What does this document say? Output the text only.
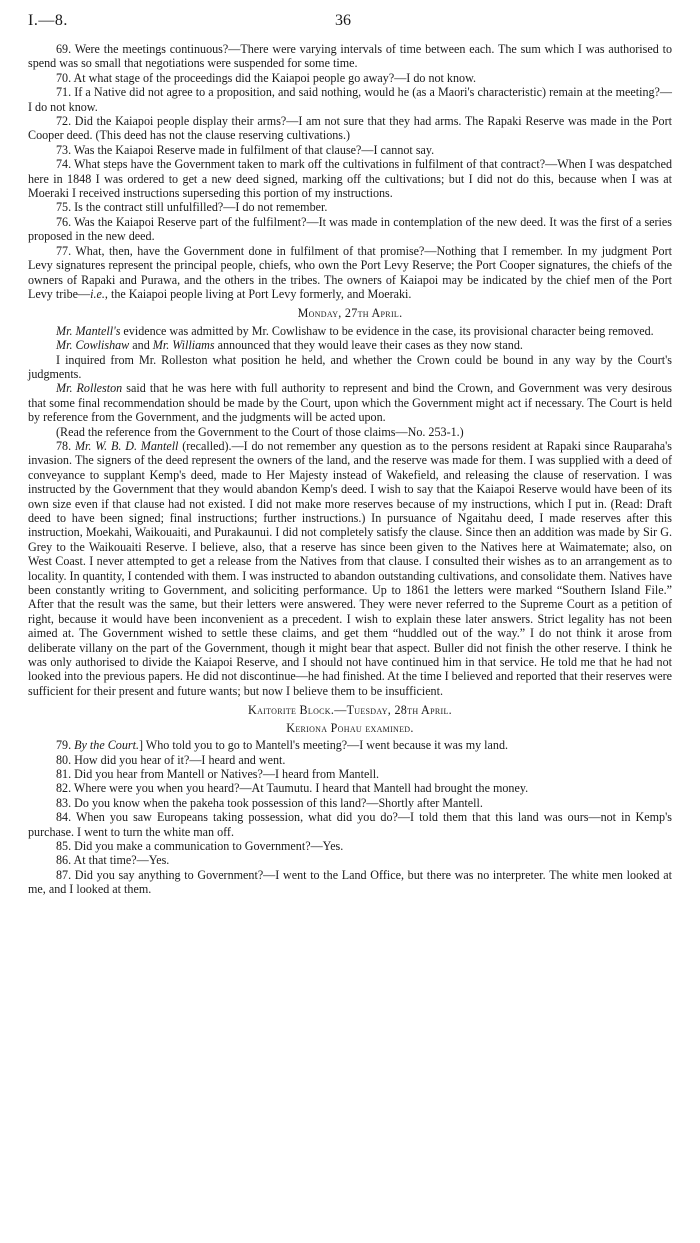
I.—8.	36

69. Were the meetings continuous?—There were varying intervals of time between each. The sum which I was authorised to spend was so small that negotiations were suspended for some time.

70. At what stage of the proceedings did the Kaiapoi people go away?—I do not know.

71. If a Native did not agree to a proposition, and said nothing, would he (as a Maori's characteristic) remain at the meeting?—I do not know.

72. Did the Kaiapoi people display their arms?—I am not sure that they had arms. The Rapaki Reserve was made in the Port Cooper deed. (This deed has not the clause reserving cultivations.)

73. Was the Kaiapoi Reserve made in fulfilment of that clause?—I cannot say.

74. What steps have the Government taken to mark off the cultivations in fulfilment of that contract?—When I was despatched here in 1848 I was ordered to get a new deed signed, marking off the cultivations; but I did not do this, because when I was at Moeraki I received instructions superseding this portion of my instructions.

75. Is the contract still unfulfilled?—I do not remember.

76. Was the Kaiapoi Reserve part of the fulfilment?—It was made in contemplation of the new deed. It was the first of a series proposed in the new deed.

77. What, then, have the Government done in fulfilment of that promise?—Nothing that I remember. In my judgment Port Levy signatures represent the principal people, chiefs, who own the Port Levy Reserve; the Port Cooper signatures, the chiefs of the owners of Rapaki and Purawa, and the others in the tribes. The owners of Kaiapoi may be indicated by the chief men of the Port Levy tribe—i.e., the Kaiapoi people living at Port Levy formerly, and Moeraki.

Monday, 27th April.

Mr. Mantell's evidence was admitted by Mr. Cowlishaw to be evidence in the case, its provisional character being removed.

Mr. Cowlishaw and Mr. Williams announced that they would leave their cases as they now stand.

I inquired from Mr. Rolleston what position he held, and whether the Crown could be bound in any way by the Court's judgments.

Mr. Rolleston said that he was here with full authority to represent and bind the Crown, and Government was very desirous that some final recommendation should be made by the Court, upon which the Government might act if necessary. The Court is held by reference from the Government, and the judgments will be acted upon.

(Read the reference from the Government to the Court of those claims—No. 253-1.)

78. Mr. W. B. D. Mantell (recalled).—I do not remember any question as to the persons resident at Rapaki since Rauparaha's invasion. The signers of the deed represent the owners of the land, and the reserve was made for them. I was supplied with a deed of conveyance to supplant Kemp's deed, made to Her Majesty instead of Wakefield, and releasing the clause of reservation. I was instructed by the Government that they would abandon Kemp's deed. I wish to say that the Kaiapoi Reserve would have been of its own size even if that clause had not existed. I did not make more reserves because of my instructions, which I put in. (Read: Draft deed to have been signed; final instructions; further instructions.) In pursuance of Ngaitahu deed, I made reserves after this instruction, Moekahi, Waikouaiti, and Purakaunui. I did not completely satisfy the clause. Since then an addition was made by Sir G. Grey to the Waikouaiti Reserve. I believe, also, that a reserve has since been given to the Natives here at Waimatemate; also, on West Coast. I never attempted to get a release from the Natives from that clause. I consulted their wishes as to an arrangement as to locality. In quantity, I contended with them. I was instructed to abandon outstanding cultivations, and consolidate them. Natives have been constantly writing to Government, and soliciting performance. Up to 1861 the letters were marked “Southern Island File.” After that the result was the same, but their letters were answered. They were never referred to the Supreme Court as a petition of right, because it would have been inconvenient as a precedent. I wish to explain these later answers. Strict legality has not been aimed at. The Government wished to settle these claims, and get them “huddled out of the way.” I do not think it arose from deliberate villany on the part of the Government, though it might bear that aspect. Buller did not finish the other reserve. I think he was only authorised to divide the Kaiapoi Reserve, and I should not have continued him in that service. He told me that he had not looked into the previous papers. He did not discontinue—he had finished. At the time I believed and reported that their reserves were sufficient for their present and future wants; but now I believe them to be insufficient.

Kaitorite Block.—Tuesday, 28th April.

Keriona Pohau examined.

79. By the Court.] Who told you to go to Mantell's meeting?—I went because it was my land.

80. How did you hear of it?—I heard and went.

81. Did you hear from Mantell or Natives?—I heard from Mantell.

82. Where were you when you heard?—At Taumutu. I heard that Mantell had brought the money.

83. Do you know when the pakeha took possession of this land?—Shortly after Mantell.

84. When you saw Europeans taking possession, what did you do?—I told them that this land was ours—not in Kemp's purchase. I went to turn the white man off.

85. Did you make a communication to Government?—Yes.

86. At that time?—Yes.

87. Did you say anything to Government?—I went to the Land Office, but there was no interpreter. The white men looked at me, and I looked at them.
